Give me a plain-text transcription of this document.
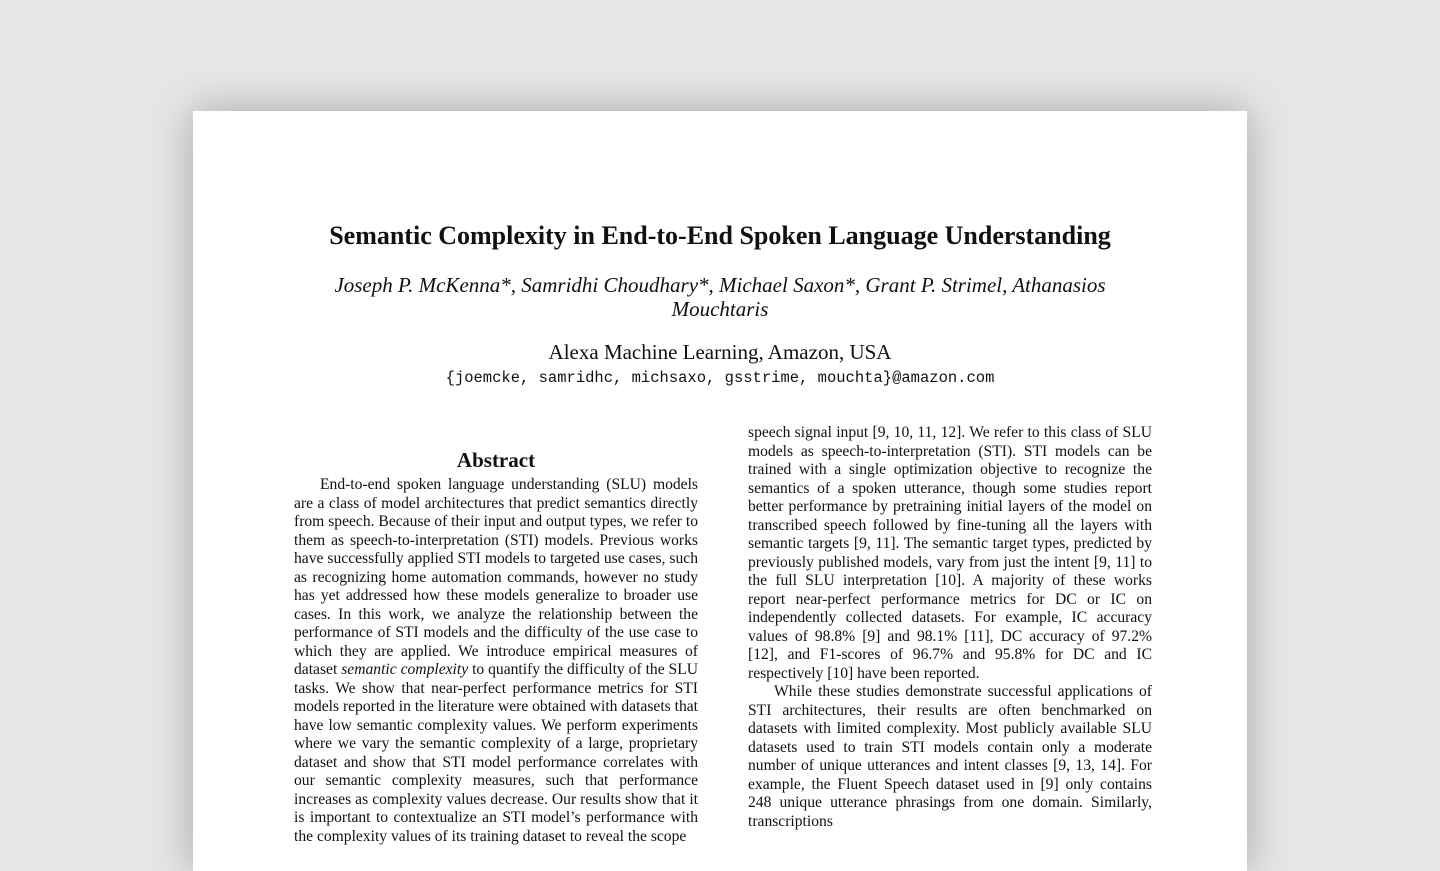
Semantic Complexity in End-to-End Spoken Language Understanding
Joseph P. McKenna*, Samridhi Choudhary*, Michael Saxon*, Grant P. Strimel, Athanasios Mouchtaris
Alexa Machine Learning, Amazon, USA
{joemcke, samridhc, michsaxo, gsstrime, mouchta}@amazon.com
Abstract

End-to-end spoken language understanding (SLU) models are a class of model architectures that predict semantics directly from speech. Because of their input and output types, we refer to them as speech-to-interpretation (STI) models. Previous works have successfully applied STI models to targeted use cases, such as recognizing home automation commands, however no study has yet addressed how these models generalize to broader use cases. In this work, we analyze the relationship between the performance of STI models and the difficulty of the use case to which they are applied. We introduce empirical measures of dataset semantic complexity to quantify the difficulty of the SLU tasks. We show that near-perfect performance metrics for STI models reported in the literature were obtained with datasets that have low semantic complexity values. We perform experiments where we vary the semantic complexity of a large, proprietary dataset and show that STI model performance correlates with our semantic complexity measures, such that performance increases as complexity values decrease. Our results show that it is important to contextualize an STI model’s performance with the complexity values of its training dataset to reveal the scope

speech signal input [9, 10, 11, 12]. We refer to this class of SLU models as speech-to-interpretation (STI). STI models can be trained with a single optimization objective to recognize the semantics of a spoken utterance, though some studies report better performance by pretraining initial layers of the model on transcribed speech followed by fine-tuning all the layers with semantic targets [9, 11]. The semantic target types, predicted by previously published models, vary from just the intent [9, 11] to the full SLU interpretation [10]. A majority of these works report near-perfect performance metrics for DC or IC on independently collected datasets. For example, IC accuracy values of 98.8% [9] and 98.1% [11], DC accuracy of 97.2% [12], and F1-scores of 96.7% and 95.8% for DC and IC respectively [10] have been reported.

While these studies demonstrate successful applications of STI architectures, their results are often benchmarked on datasets with limited complexity. Most publicly available SLU datasets used to train STI models contain only a moderate number of unique utterances and intent classes [9, 13, 14]. For example, the Fluent Speech dataset used in [9] only contains 248 unique utterance phrasings from one domain. Similarly, transcriptions
